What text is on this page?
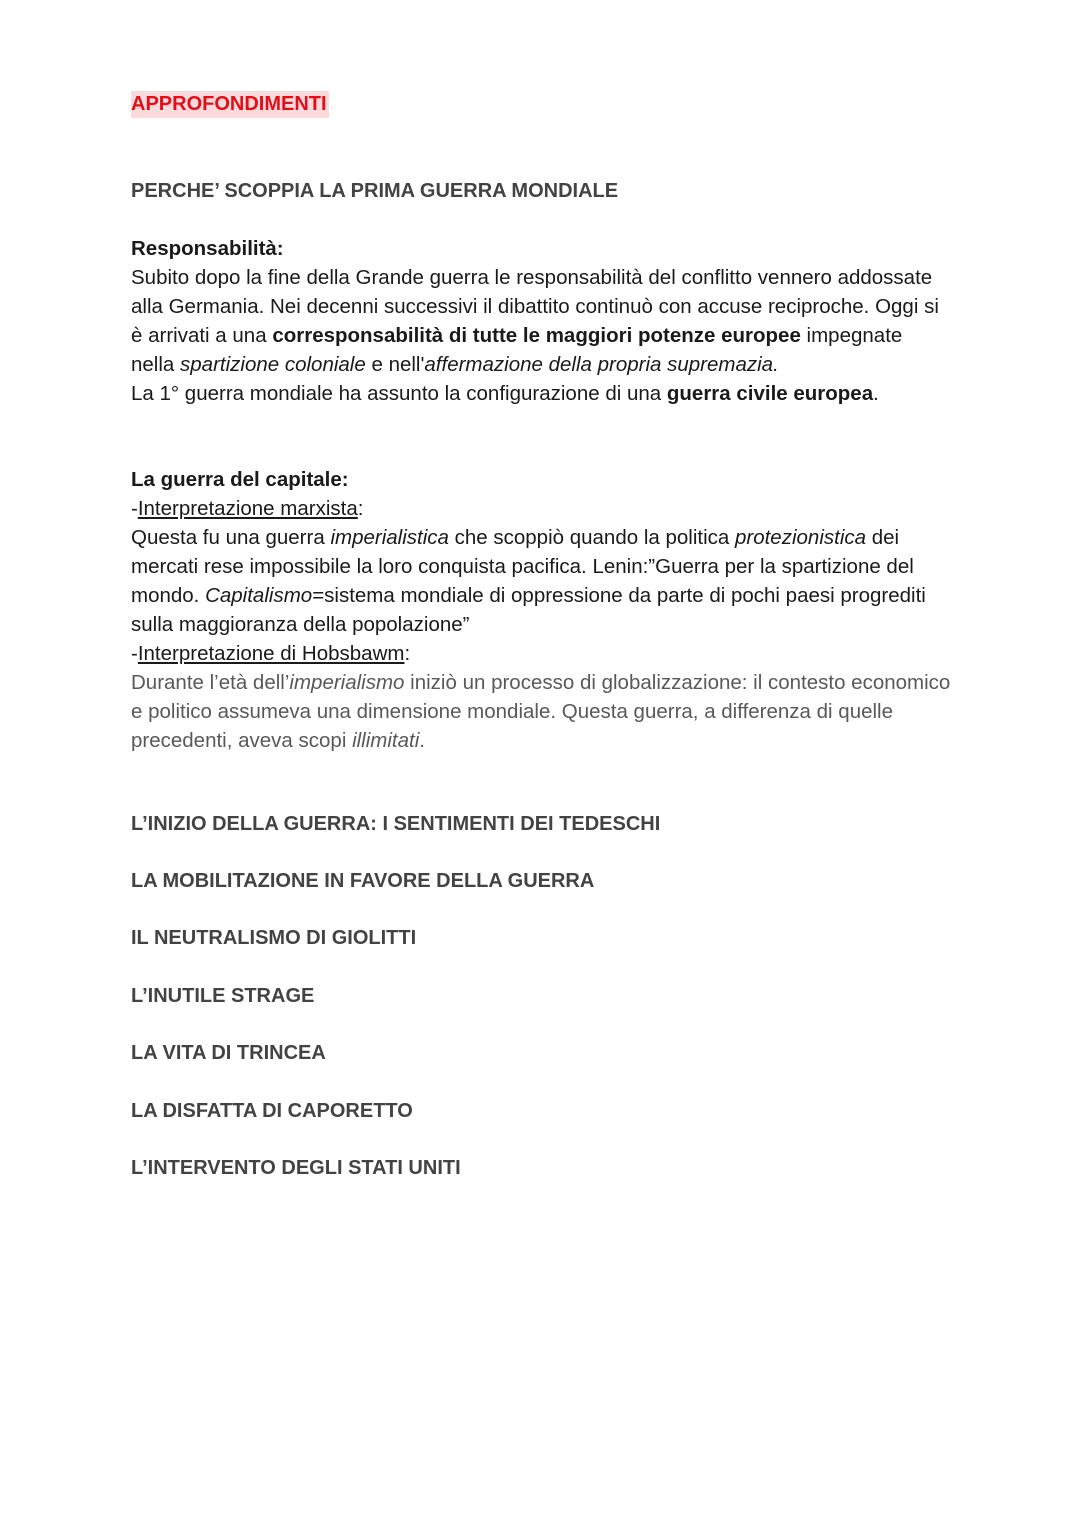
APPROFONDIMENTI
PERCHE’ SCOPPIA LA PRIMA GUERRA MONDIALE

Responsabilità:

Subito dopo la fine della Grande guerra le responsabilità del conflitto vennero addossate alla Germania. Nei decenni successivi il dibattito continuò con accuse reciproche. Oggi si è arrivati a una corresponsabilità di tutte le maggiori potenze europee impegnate nella spartizione coloniale e nell'affermazione della propria supremazia.

La 1° guerra mondiale ha assunto la configurazione di una guerra civile europea.

La guerra del capitale:

-Interpretazione marxista:

Questa fu una guerra imperialistica che scoppiò quando la politica protezionistica dei mercati rese impossibile la loro conquista pacifica. Lenin:”Guerra per la spartizione del mondo. Capitalismo=sistema mondiale di oppressione da parte di pochi paesi progrediti sulla maggioranza della popolazione”

-Interpretazione di Hobsbawm:

Durante l’età dell’imperialismo iniziò un processo di globalizzazione: il contesto economico e politico assumeva una dimensione mondiale. Questa guerra, a differenza di quelle precedenti, aveva scopi illimitati.

L’INIZIO DELLA GUERRA: I SENTIMENTI DEI TEDESCHI
LA MOBILITAZIONE IN FAVORE DELLA GUERRA
IL NEUTRALISMO DI GIOLITTI
L’INUTILE STRAGE
LA VITA DI TRINCEA
LA DISFATTA DI CAPORETTO
L’INTERVENTO DEGLI STATI UNITI
